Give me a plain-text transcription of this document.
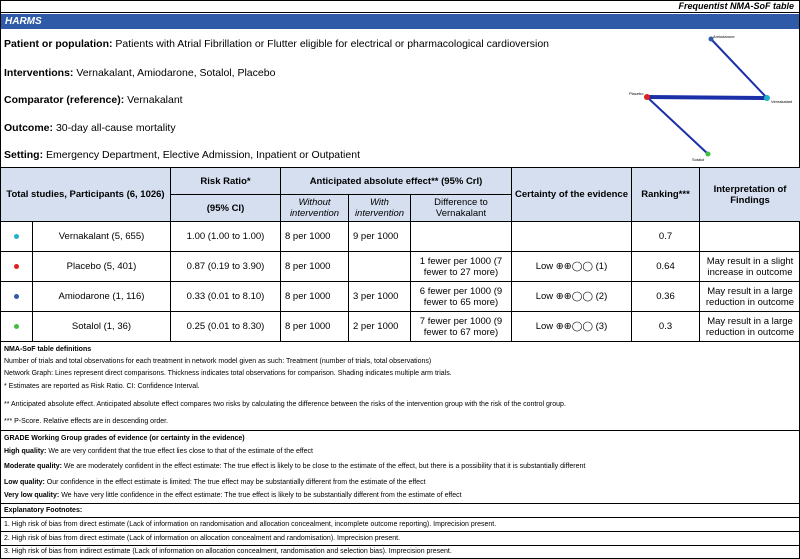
Frequentist NMA-SoF table
HARMS
Patient or population: Patients with Atrial Fibrillation or Flutter eligible for electrical or pharmacological cardioversion
Interventions: Vernakalant, Amiodarone, Sotalol, Placebo
Comparator (reference): Vernakalant
Outcome: 30-day all-cause mortality
Setting: Emergency Department, Elective Admission, Inpatient or Outpatient
Amiodarone
Placebo
Vernakalant
Sotalol
Total studies, Participants (6, 1026)		Risk Ratio*	Anticipated absolute effect** (95% CrI)			Certainty of the evidence	Ranking***	Interpretation of Findings
		(95% CI)	Without intervention	With intervention	Difference to Vernakalant			
	Vernakalant (5, 655)	1.00 (1.00 to 1.00)	8 per 1000	9 per 1000			0.7	
	Placebo (5, 401)	0.87 (0.19 to 3.90)	8 per 1000		1 fewer per 1000 (7 fewer to 27 more)	Low ⊕⊕◯◯ (1)	0.64	May result in a slight increase in outcome
	Amiodarone (1, 116)	0.33 (0.01 to 8.10)	8 per 1000	3 per 1000	6 fewer per 1000 (9 fewer to 65 more)	Low ⊕⊕◯◯ (2)	0.36	May result in a large reduction in outcome
	Sotalol (1, 36)	0.25 (0.01 to 8.30)	8 per 1000	2 per 1000	7 fewer per 1000 (9 fewer to 67 more)	Low ⊕⊕◯◯ (3)	0.3	May result in a large reduction in outcome
NMA-SoF table definitions
Number of trials and total observations for each treatment in network model given as such: Treatment (number of trials, total observations)
Network Graph: Lines represent direct comparisons. Thickness indicates total observations for comparison. Shading indicates multiple arm trials.
* Estimates are reported as Risk Ratio. CI: Confidence Interval.
** Anticipated absolute effect. Anticipated absolute effect compares two risks by calculating the difference between the risks of the intervention group with the risk of the control group.
*** P-Score. Relative effects are in descending order.
GRADE Working Group grades of evidence (or certainty in the evidence)
High quality: We are very confident that the true effect lies close to that of the estimate of the effect
Moderate quality: We are moderately confident in the effect estimate: The true effect is likely to be close to the estimate of the effect, but there is a possibility that it is substantially different
Low quality: Our confidence in the effect estimate is limited: The true effect may be substantially different from the estimate of the effect
Very low quality: We have very little confidence in the effect estimate: The true effect is likely to be substantially different from the estimate of effect
Explanatory Footnotes:
1. High risk of bias from direct estimate (Lack of information on randomisation and allocation concealment, incomplete outcome reporting). Imprecision present.
2. High risk of bias from direct estimate (Lack of information on allocation concealment and randomisation). Imprecision present.
3. High risk of bias from indirect estimate (Lack of information on allocation concealment, randomisation and selection bias). Imprecision present.
